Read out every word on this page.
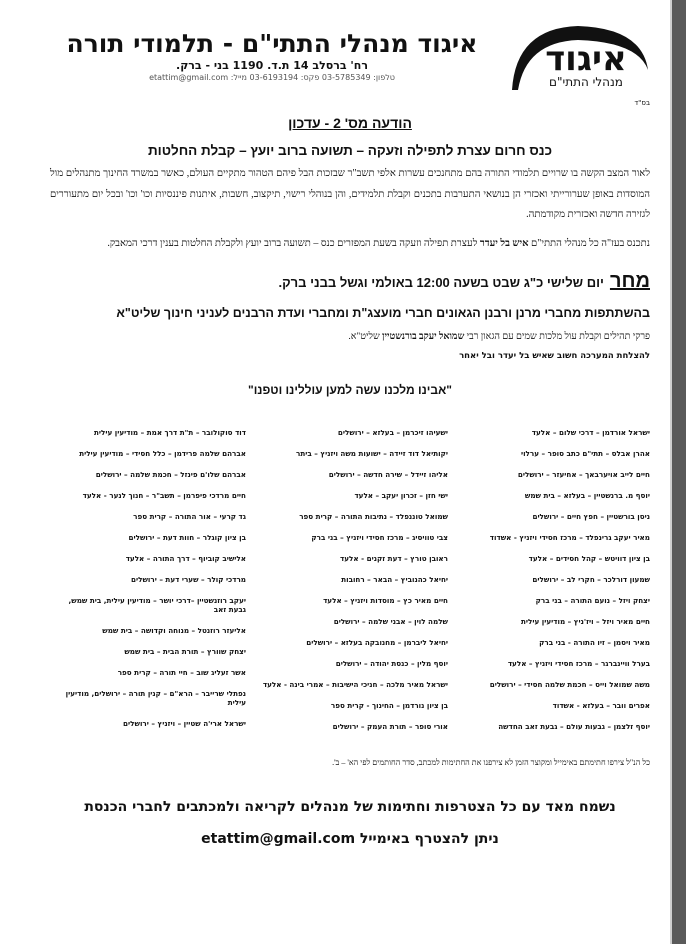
איגוד
מנהלי התתי"ם
איגוד מנהלי התתי"ם - תלמודי תורה
רח' ברסלב 14 ת.ד. 1190 בני - ברק.
טלפון: 03-5785349 פקס: 03-6193194 מייל: etattim@gmail.com
בס"ד
הודעה מס' 2 - עדכון
כנס חרום עצרת לתפילה וזעקה – תשועה ברוב יועץ – קבלת החלטות
לאור המצב הקשה בו שרויים תלמודי התורה בהם מתחנכים עשרות אלפי תשב"ר שבזכות הבל פיהם הטהור מתקיים העולם, כאשר במשרד החינוך מתנהלים מול המוסדות באופן שערורייתי ואכזרי הן בנושאי התערבות בתכנים וקבלת תלמידים, והן בנוהלי רישוי, תיקצוב, חשבות, איתנות פיננסיות וכו' וכו' ובכל יום מתעוררים לגזירה חדשה ואכזרית מקודמתה.
נתכנס בעז"ה כל מנהלי התתי"ם איש בל יעדר לעצרת תפילה וזעקה בשעת המפזרים כנס – תשועה ברוב יועץ ולקבלת החלטות בענין דרכי המאבק.
מחריום שלישי כ"ג שבט בשעה 12:00 באולמי וגשל בבני ברק.
בהשתתפות מחברי מרנן ורבנן הגאונים חברי מועצג"ת ומחברי ועדת הרבנים לעניני חינוך שליט"א
פרקי תהילים וקבלת עול מלכות שמים עם הגאון רבי שמואל יעקב בורנשטיין שליט"א.
להצלחת המערכה חשוב שאיש בל יעדר ובל יאחר
"אבינו מלכנו עשה למען עוללינו וטפנו"
ישראל אורדמן – דרכי שלום – אלעד
אהרן אבלס – תתי"ם כתב סופר – ערלוי
חיים לייב אויערבאך – אחיעזר – ירושלים
יוסף מ. ברנשטיין – בעלזא – בית שמש
ניסן בורשטיין – חפץ חיים – ירושלים
מאיר יעקב גרינפלד – מרכז חסידי ויזניץ - אשדוד
בן ציון דוויטש – קהל חסידים – אלעד
שמעון דורלכר – חקרי לב – ירושלים
יצחק ויזל – נועם התורה – בני ברק
חיים מאיר ויזל – ויז'ניץ – מודיעין עילית
מאיר ויסמן – זיו התורה - בני ברק
בערל וויינברגר – מרכז חסידי ויזניץ – אלעד
משה שמואל וייס – חכמת שלמה חסידי – ירושלים
אפרים וובר – בעלזא - אשדוד
יוסף זלצמן – גבעות עולם – גבעת זאב החדשה
ישעיהו זיכרמן – בעלזא – ירושלים
יקותיאל דוד זיידה – ישועות משה ויזניץ – ביתר
אליהו זיידל – שירה חדשה – ירושלים
ישי חזן – זכרון יעקב – אלעד
שמואל טוננפלד – נתיבות התורה – קרית ספר
צבי טוויסיג – מרכז חסידי ויזניץ – בני ברק
ראובן טורץ – דעת זקנים - אלעד
יחיאל כהנוביץ – הבאר – רחובות
חיים מאיר כץ – מוסדות ויזניץ – אלעד
שלמה לוין – אבני שלמה – ירושלים
יחיאל ליברמן – מחנובקה בעלזא – ירושלים
יוסף מלין – כנסת יהודה – ירושלים
ישראל מאיר מלכה – חניכי הישיבות – אמרי בינה - אלעד
בן ציון נורדמן – החינוך - קרית ספר
אורי סופר – תורת העמק – ירושלים
דוד סוקולובר – ת"ת דרך אמת – מודיעין עילית
אברהם שלמה פרידמן – כלל חסידי – מודיעין עילית
אברהם שלו'ם פינזל – חכמת שלמה – ירושלים
חיים מרדכי פיפרמן – תשב"ר – חנוך לנער - אלעד
גד קרעי – אור התורה – קרית ספר
בן ציון קוגלר – חוות דעת – ירושלים
אלישיב קוביוף – דרך התורה – אלעד
מרדכי קולר – שערי דעת – ירושלים
יעקב רוזנשטיין –דרכי יושר – מודיעין עילית, בית שמש, גבעת זאב
אליעזר רוזנטל – מנוחה וקדושה – בית שמש
יצחק שוורץ – תורת הבית – בית שמש
אשר זעליג שוב – חיי תורה – קרית ספר
נפתלי שרייבר – הרא"ם – קנין תורה – ירושלים, מודיעין עילית
ישראל ארי'ה שטיין – ויזניץ – ירושלים
כל הנ"ל צירפו חתימתם באימייל ומקוצר הזמן לא צירפנו את החתימות למכתב, סדר החותמים לפי הא' – ב'.
נשמח מאד עם כל הצטרפות וחתימות של מנהלים לקריאה ולמכתבים לחברי הכנסת
ניתן להצטרף באימייל etattim@gmail.com
